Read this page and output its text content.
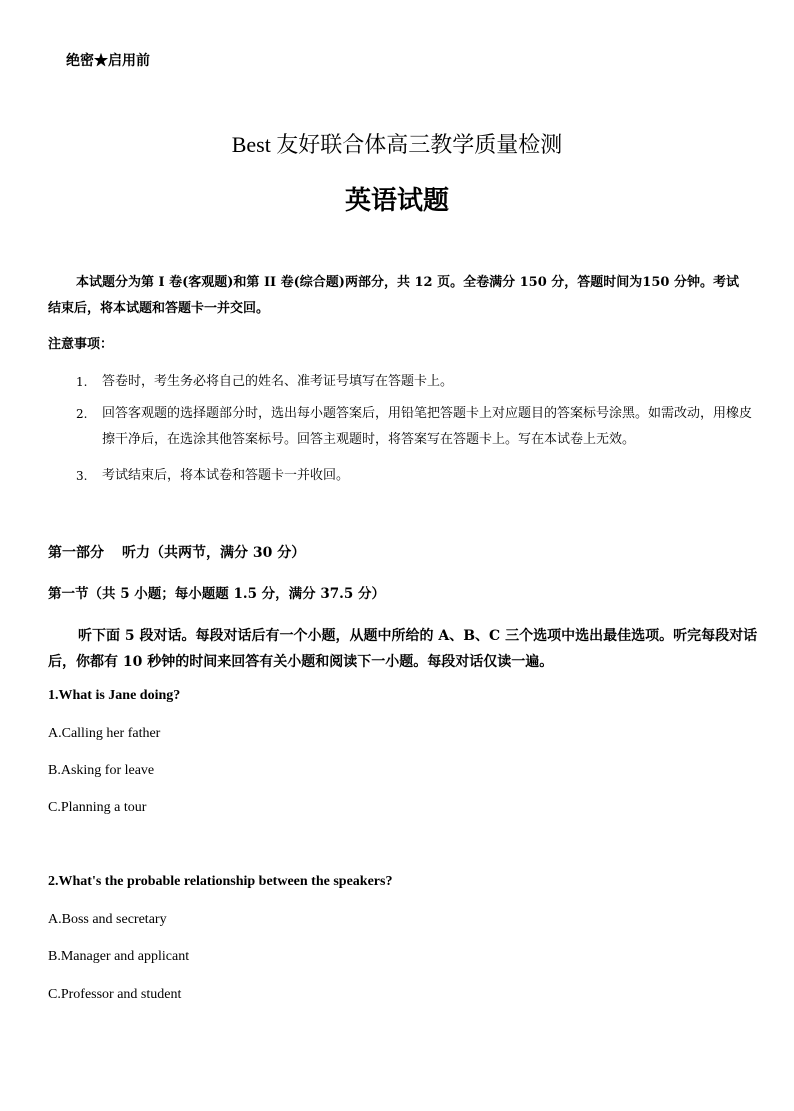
绝密★启用前
Best 友好联合体高三教学质量检测
英语试题
本试题分为第 I 卷(客观题)和第 II 卷(综合题)两部分，共 12 页。全卷满分 150 分，答题时间为150 分钟。考试结束后，将本试题和答题卡一并交回。
注意事项：
1.	答卷时，考生务必将自己的姓名、准考证号填写在答题卡上。
2.	回答客观题的选择题部分时，选出每小题答案后，用铅笔把答题卡上对应题目的答案标号涂黑。如需改动，用橡皮擦干净后，在选涂其他答案标号。回答主观题时，将答案写在答题卡上。写在本试卷上无效。
3.	考试结束后，将本试卷和答题卡一并收回。
第一部分 听力（共两节，满分 30 分）
第一节（共 5 小题；每小题题 1.5 分，满分 37.5 分）
听下面 5 段对话。每段对话后有一个小题，从题中所给的 A、B、C 三个选项中选出最佳选项。听完每段对话后，你都有 10 秒钟的时间来回答有关小题和阅读下一小题。每段对话仅读一遍。
1.What is Jane doing?
A.Calling her father
B.Asking for leave
C.Planning a tour
2.What's the probable relationship between the speakers?
A.Boss and secretary
B.Manager and applicant
C.Professor and student
